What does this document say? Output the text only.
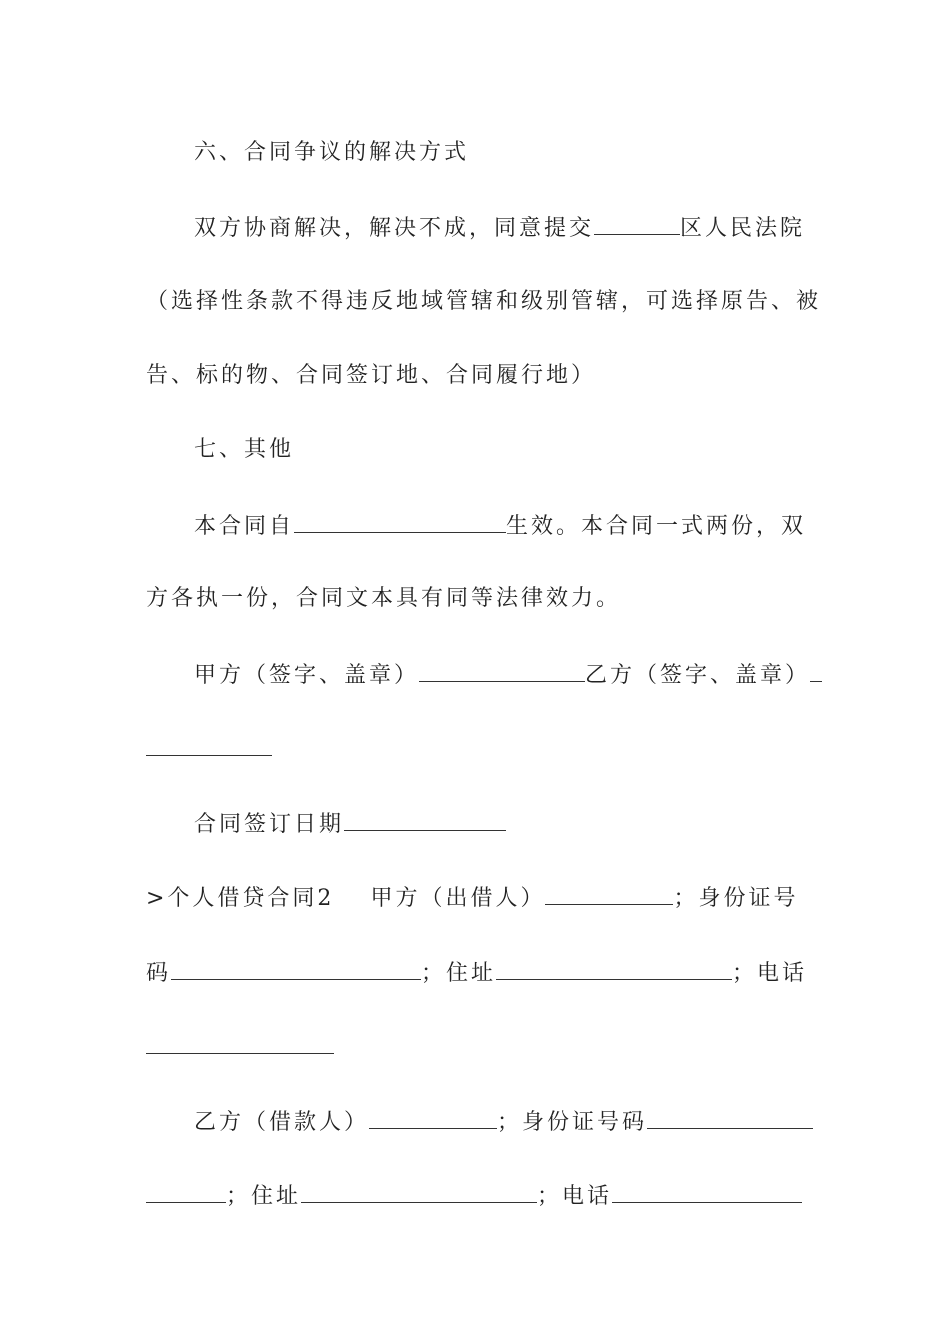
六、合同争议的解决方式
双方协商解决，解决不成，同意提交	区人民法院
（选择性条款不得违反地域管辖和级别管辖，可选择原告、被
告、标的物、合同签订地、合同履行地）
七、其他
本合同自	生效。本合同一式两份，双
方各执一份，合同文本具有同等法律效力。
甲方（签字、盖章）	乙方（签字、盖章）
合同签订日期
>个人借贷合同2 甲方（出借人）	；身份证号
码	；住址	；电话
乙方（借款人）	；身份证号码
；住址	；电话
